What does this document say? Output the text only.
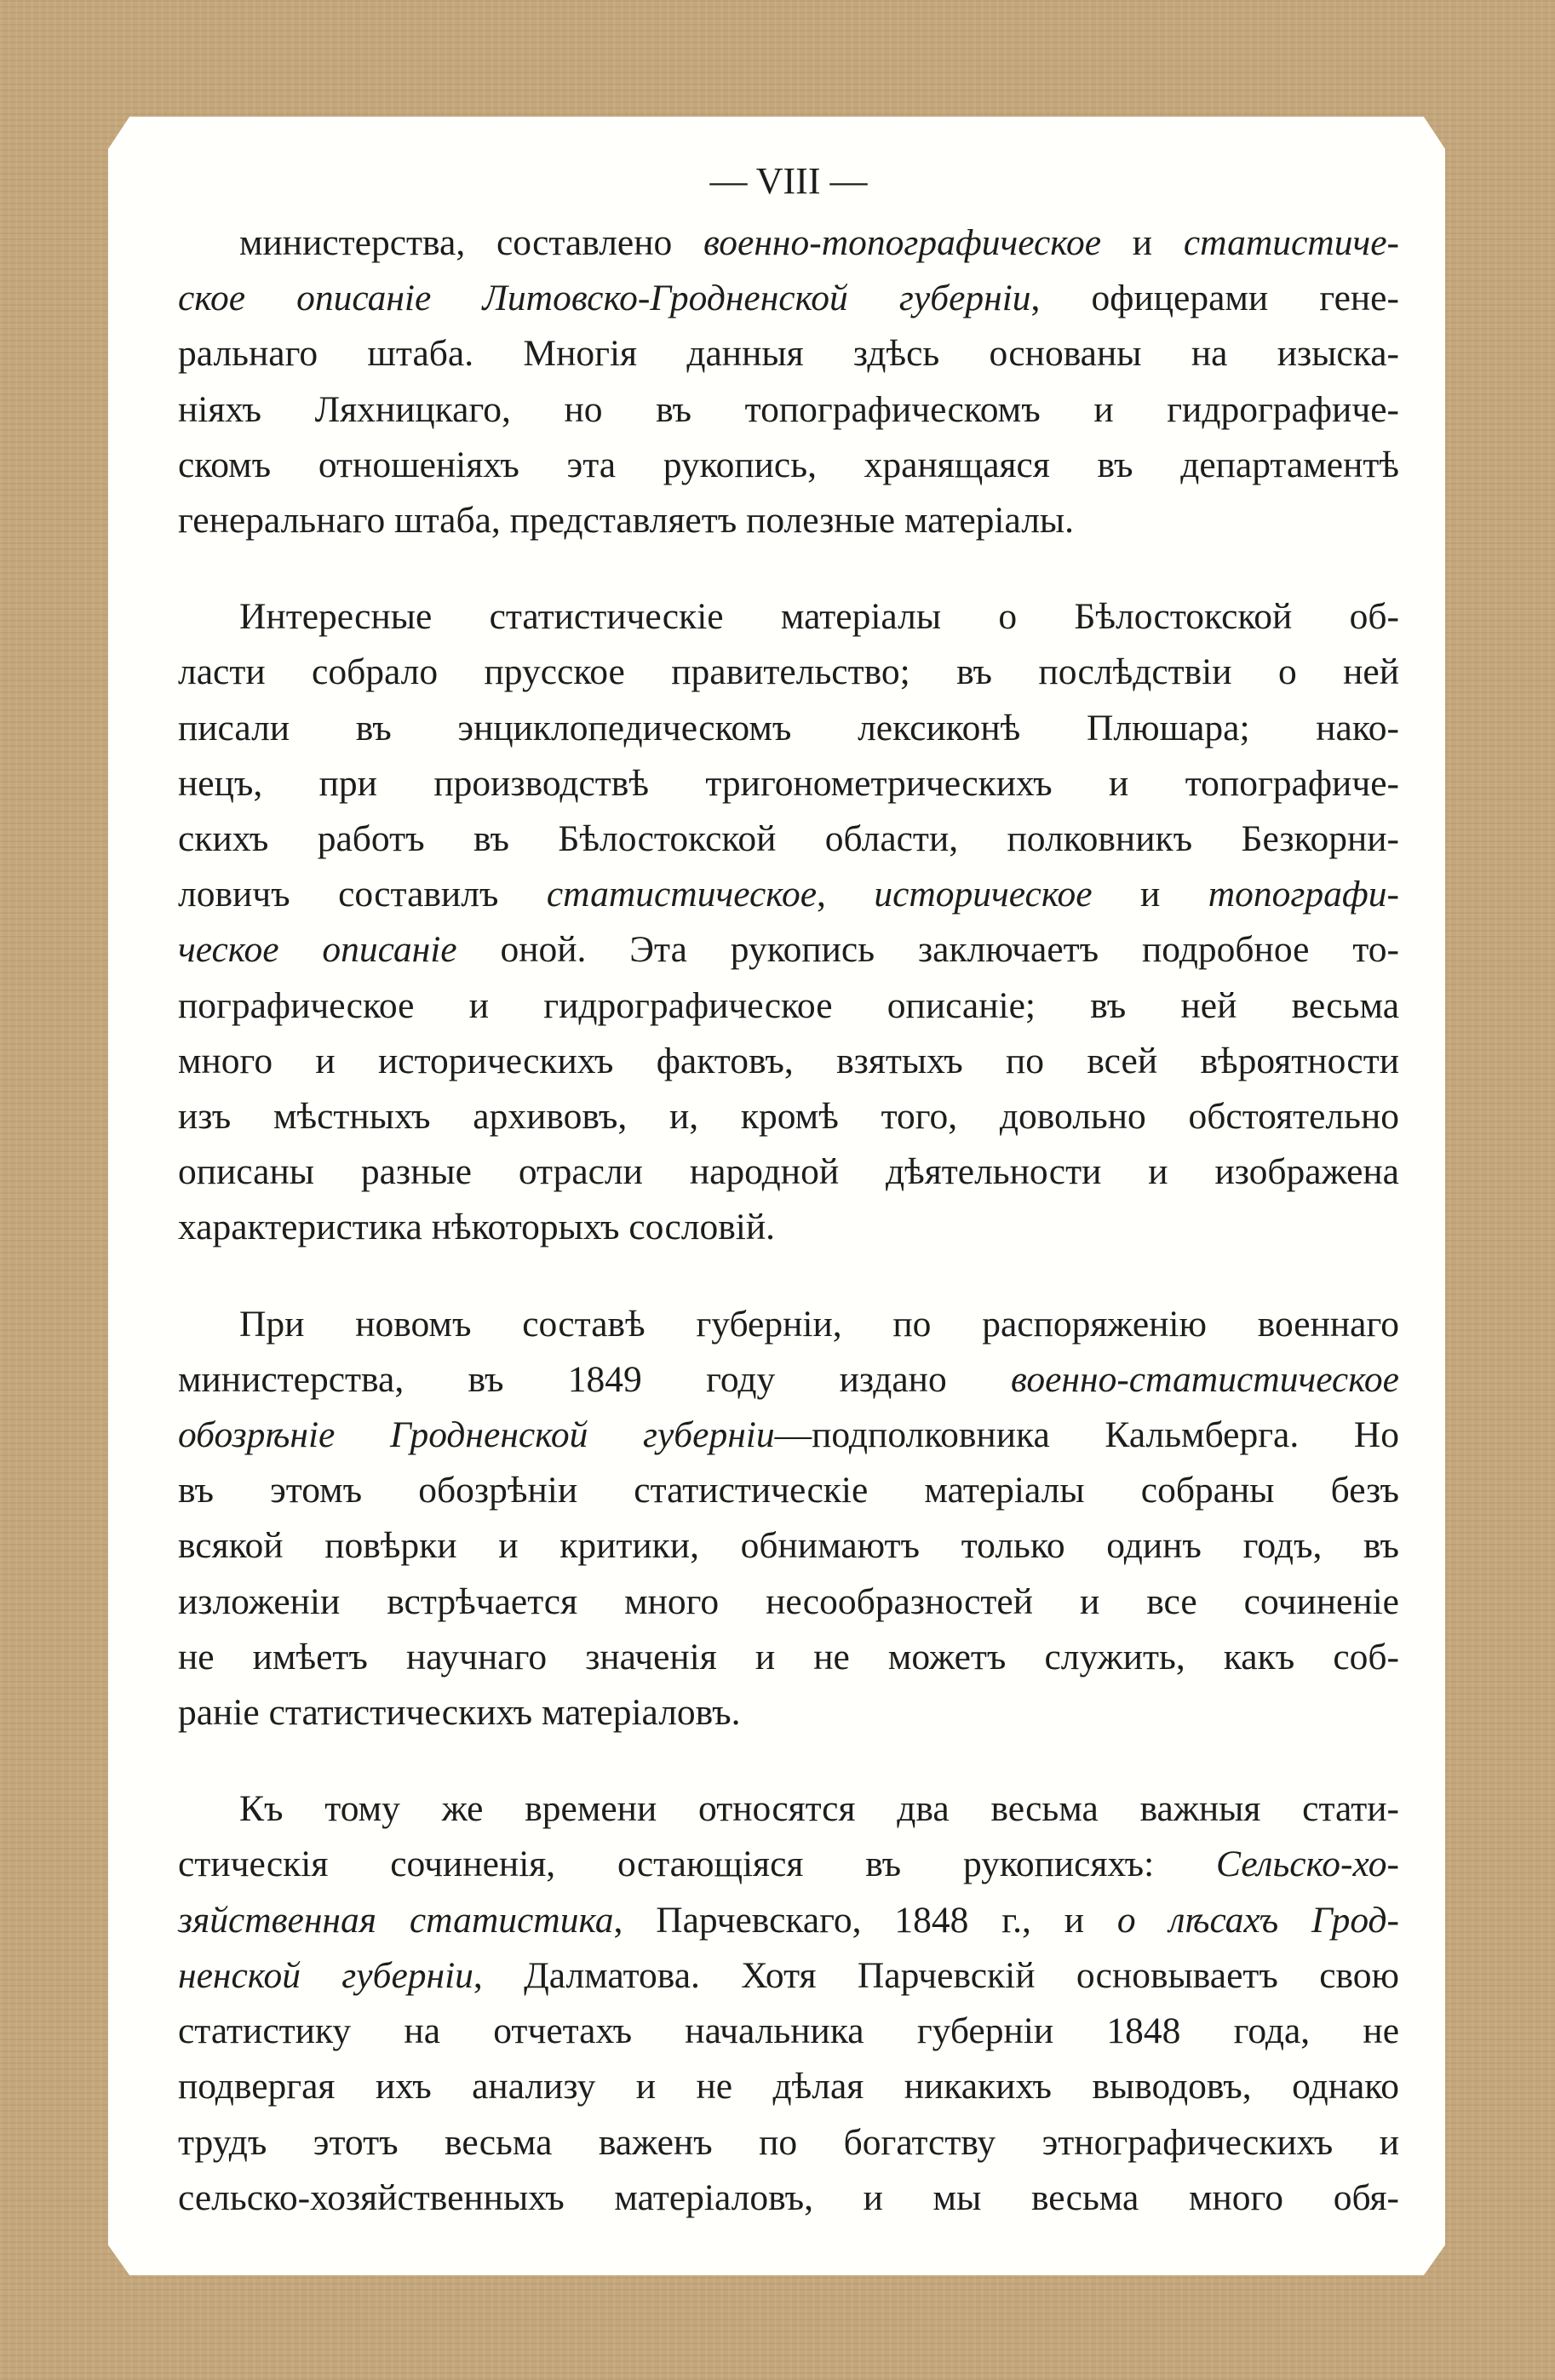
— VIII —
министерства, составлено военно-топографическое и статистиче-
ское описаніе Литовско-Гродненской губерніи, офицерами гене-
ральнаго штаба. Многія данныя здѣсь основаны на изыска-
ніяхъ Ляхницкаго, но въ топографическомъ и гидрографиче-
скомъ отношеніяхъ эта рукопись, хранящаяся въ департаментѣ
генеральнаго штаба, представляетъ полезные матеріалы.
Интересные статистическіе матеріалы о Бѣлостокской об-
ласти собрало прусское правительство; въ послѣдствіи о ней
писали въ энциклопедическомъ лексиконѣ Плюшара; нако-
нецъ, при производствѣ тригонометрическихъ и топографиче-
скихъ работъ въ Бѣлостокской области, полковникъ Безкорни-
ловичъ составилъ статистическое, историческое и топографи-
ческое описаніе оной. Эта рукопись заключаетъ подробное то-
пографическое и гидрографическое описаніе; въ ней весьма
много и историческихъ фактовъ, взятыхъ по всей вѣроятности
изъ мѣстныхъ архивовъ, и, кромѣ того, довольно обстоятельно
описаны разные отрасли народной дѣятельности и изображена
характеристика нѣкоторыхъ сословій.
При новомъ составѣ губерніи, по распоряженію военнаго
министерства, въ 1849 году издано военно-статистическое
обозрѣніе Гродненской губерніи—подполковника Кальмберга. Но
въ этомъ обозрѣніи статистическіе матеріалы собраны безъ
всякой повѣрки и критики, обнимаютъ только одинъ годъ, въ
изложеніи встрѣчается много несообразностей и все сочиненіе
не имѣетъ научнаго значенія и не можетъ служить, какъ соб-
раніе статистическихъ матеріаловъ.
Къ тому же времени относятся два весьма важныя стати-
стическія сочиненія, остающіяся въ рукописяхъ: Сельско-хо-
зяйственная статистика, Парчевскаго, 1848 г., и о лѣсахъ Грод-
ненской губерніи, Далматова. Хотя Парчевскій основываетъ свою
статистику на отчетахъ начальника губерніи 1848 года, не
подвергая ихъ анализу и не дѣлая никакихъ выводовъ, однако
трудъ этотъ весьма важенъ по богатству этнографическихъ и
сельско-хозяйственныхъ матеріаловъ, и мы весьма много обя-
